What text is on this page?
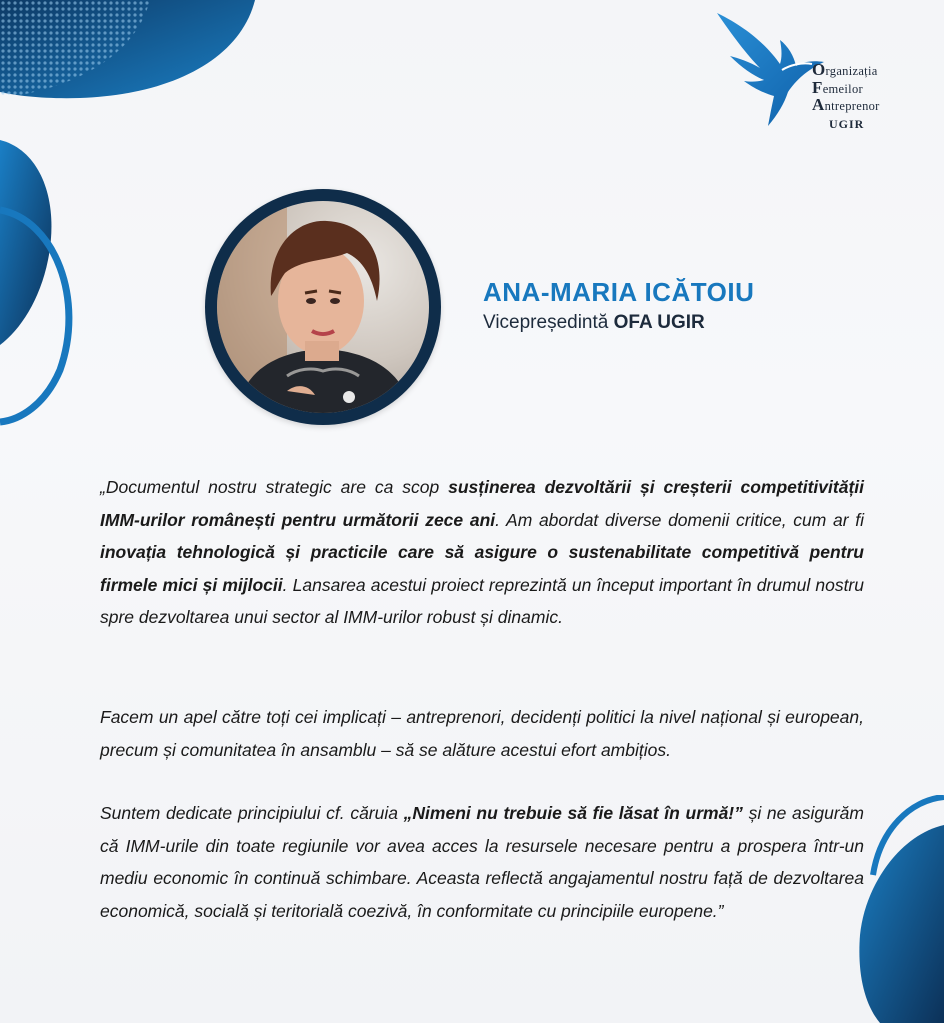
Organizația
Femeilor
Antreprenor
UGIR
ANA-MARIA ICĂTOIU
Vicepreședintă OFA UGIR
„Documentul nostru strategic are ca scop susținerea dezvoltării și creșterii competitivității IMM-urilor românești pentru următorii zece ani. Am abordat diverse domenii critice, cum ar fi inovația tehnologică și practicile care să asigure o sustenabilitate competitivă pentru firmele mici și mijlocii. Lansarea acestui proiect reprezintă un început important în drumul nostru spre dezvoltarea unui sector al IMM-urilor robust și dinamic.
Facem un apel către toți cei implicați – antreprenori, decidenți politici la nivel național și european, precum și comunitatea în ansamblu – să se alăture acestui efort ambițios.
Suntem dedicate principiului cf. căruia „Nimeni nu trebuie să fie lăsat în urmă!” și ne asigurăm că IMM-urile din toate regiunile vor avea acces la resursele necesare pentru a prospera într-un mediu economic în continuă schimbare. Aceasta reflectă angajamentul nostru față de dezvoltarea economică, socială și teritorială coezivă, în conformitate cu principiile europene.”
